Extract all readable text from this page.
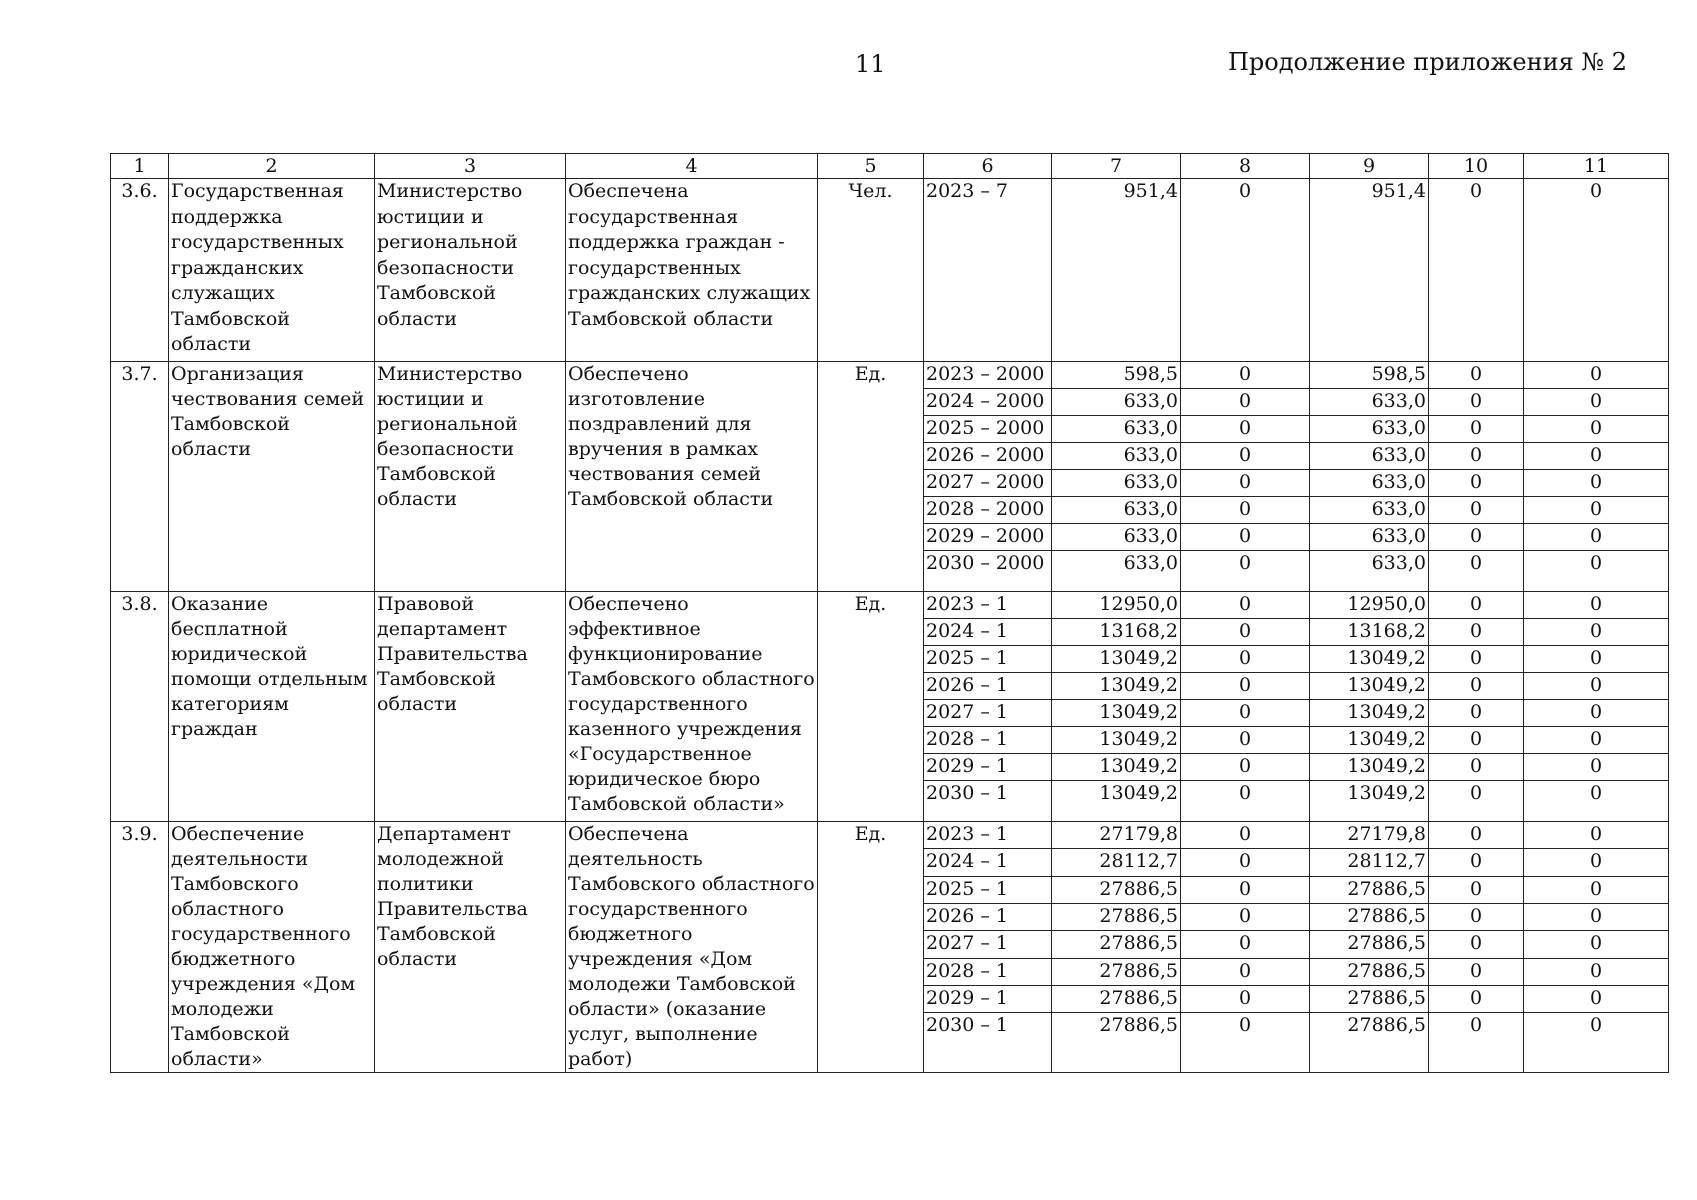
11	Продолжение приложения № 2
1	2	3	4	5	6	7	8	9	10	11
3.6.	Государственная поддержка государственных гражданских служащих Тамбовской области	Министерство юстиции и региональной безопасности Тамбовской области	Обеспечена государственная поддержка граждан - государственных гражданских служащих Тамбовской области	Чел.	2023 – 7	951,4	0	951,4	0	0
3.7.	Организация чествования семей Тамбовской области	Министерство юстиции и региональной безопасности Тамбовской области	Обеспечено изготовление поздравлений для вручения в рамках чествования семей Тамбовской области	Ед.	2023 – 2000	598,5	0	598,5	0	0
					2024 – 2000	633,0	0	633,0	0	0
					2025 – 2000	633,0	0	633,0	0	0
					2026 – 2000	633,0	0	633,0	0	0
					2027 – 2000	633,0	0	633,0	0	0
					2028 – 2000	633,0	0	633,0	0	0
					2029 – 2000	633,0	0	633,0	0	0
					2030 – 2000	633,0	0	633,0	0	0
3.8.	Оказание бесплатной юридической помощи отдельным категориям граждан	Правовой департамент Правительства Тамбовской области	Обеспечено эффективное функционирование Тамбовского областного государственного казенного учреждения «Государственное юридическое бюро Тамбовской области»	Ед.	2023 – 1	12950,0	0	12950,0	0	0
					2024 – 1	13168,2	0	13168,2	0	0
					2025 – 1	13049,2	0	13049,2	0	0
					2026 – 1	13049,2	0	13049,2	0	0
					2027 – 1	13049,2	0	13049,2	0	0
					2028 – 1	13049,2	0	13049,2	0	0
					2029 – 1	13049,2	0	13049,2	0	0
					2030 – 1	13049,2	0	13049,2	0	0
3.9.	Обеспечение деятельности Тамбовского областного государственного бюджетного учреждения «Дом молодежи Тамбовской области»	Департамент молодежной политики Правительства Тамбовской области	Обеспечена деятельность Тамбовского областного государственного бюджетного учреждения «Дом молодежи Тамбовской области» (оказание услуг, выполнение работ)	Ед.	2023 – 1	27179,8	0	27179,8	0	0
					2024 – 1	28112,7	0	28112,7	0	0
					2025 – 1	27886,5	0	27886,5	0	0
					2026 – 1	27886,5	0	27886,5	0	0
					2027 – 1	27886,5	0	27886,5	0	0
					2028 – 1	27886,5	0	27886,5	0	0
					2029 – 1	27886,5	0	27886,5	0	0
					2030 – 1	27886,5	0	27886,5	0	0
